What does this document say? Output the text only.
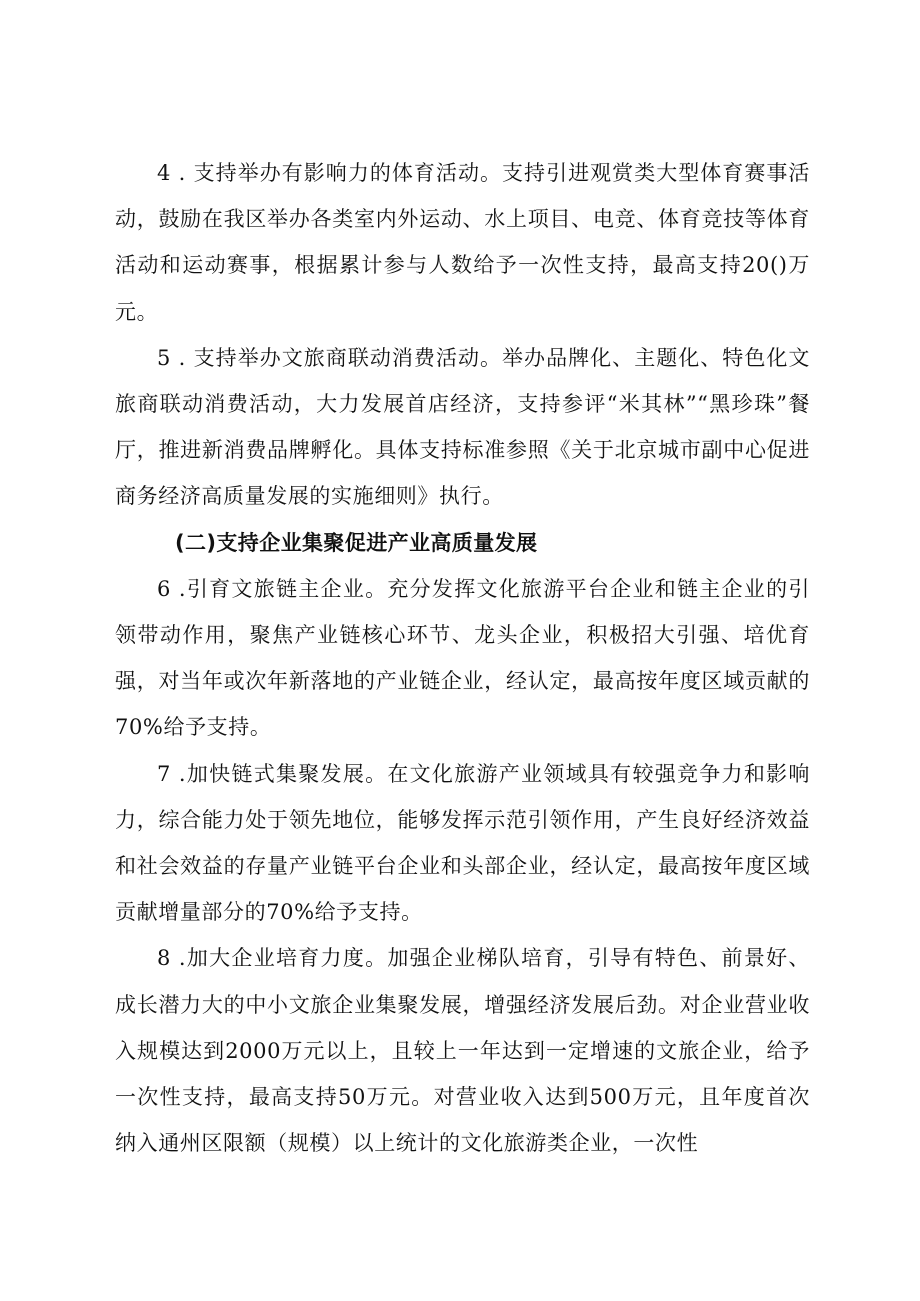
4 . 支持举办有影响力的体育活动。支持引进观赏类大型体育赛事活动，鼓励在我区举办各类室内外运动、水上项目、电竞、体育竞技等体育活动和运动赛事，根据累计参与人数给予一次性支持，最高支持20()万元。

5 . 支持举办文旅商联动消费活动。举办品牌化、主题化、特色化文旅商联动消费活动，大力发展首店经济，支持参评“米其林”“黑珍珠”餐厅，推进新消费品牌孵化。具体支持标准参照《关于北京城市副中心促进商务经济高质量发展的实施细则》执行。

(二)支持企业集聚促进产业高质量发展

6 .引育文旅链主企业。充分发挥文化旅游平台企业和链主企业的引领带动作用，聚焦产业链核心环节、龙头企业，积极招大引强、培优育强，对当年或次年新落地的产业链企业，经认定，最高按年度区域贡献的70%给予支持。

7 .加快链式集聚发展。在文化旅游产业领域具有较强竞争力和影响力，综合能力处于领先地位，能够发挥示范引领作用，产生良好经济效益和社会效益的存量产业链平台企业和头部企业，经认定，最高按年度区域贡献增量部分的70%给予支持。

8 .加大企业培育力度。加强企业梯队培育，引导有特色、前景好、成长潜力大的中小文旅企业集聚发展，增强经济发展后劲。对企业营业收入规模达到2000万元以上，且较上一年达到一定增速的文旅企业，给予一次性支持，最高支持50万元。对营业收入达到500万元，且年度首次纳入通州区限额（规模）以上统计的文化旅游类企业，一次性
